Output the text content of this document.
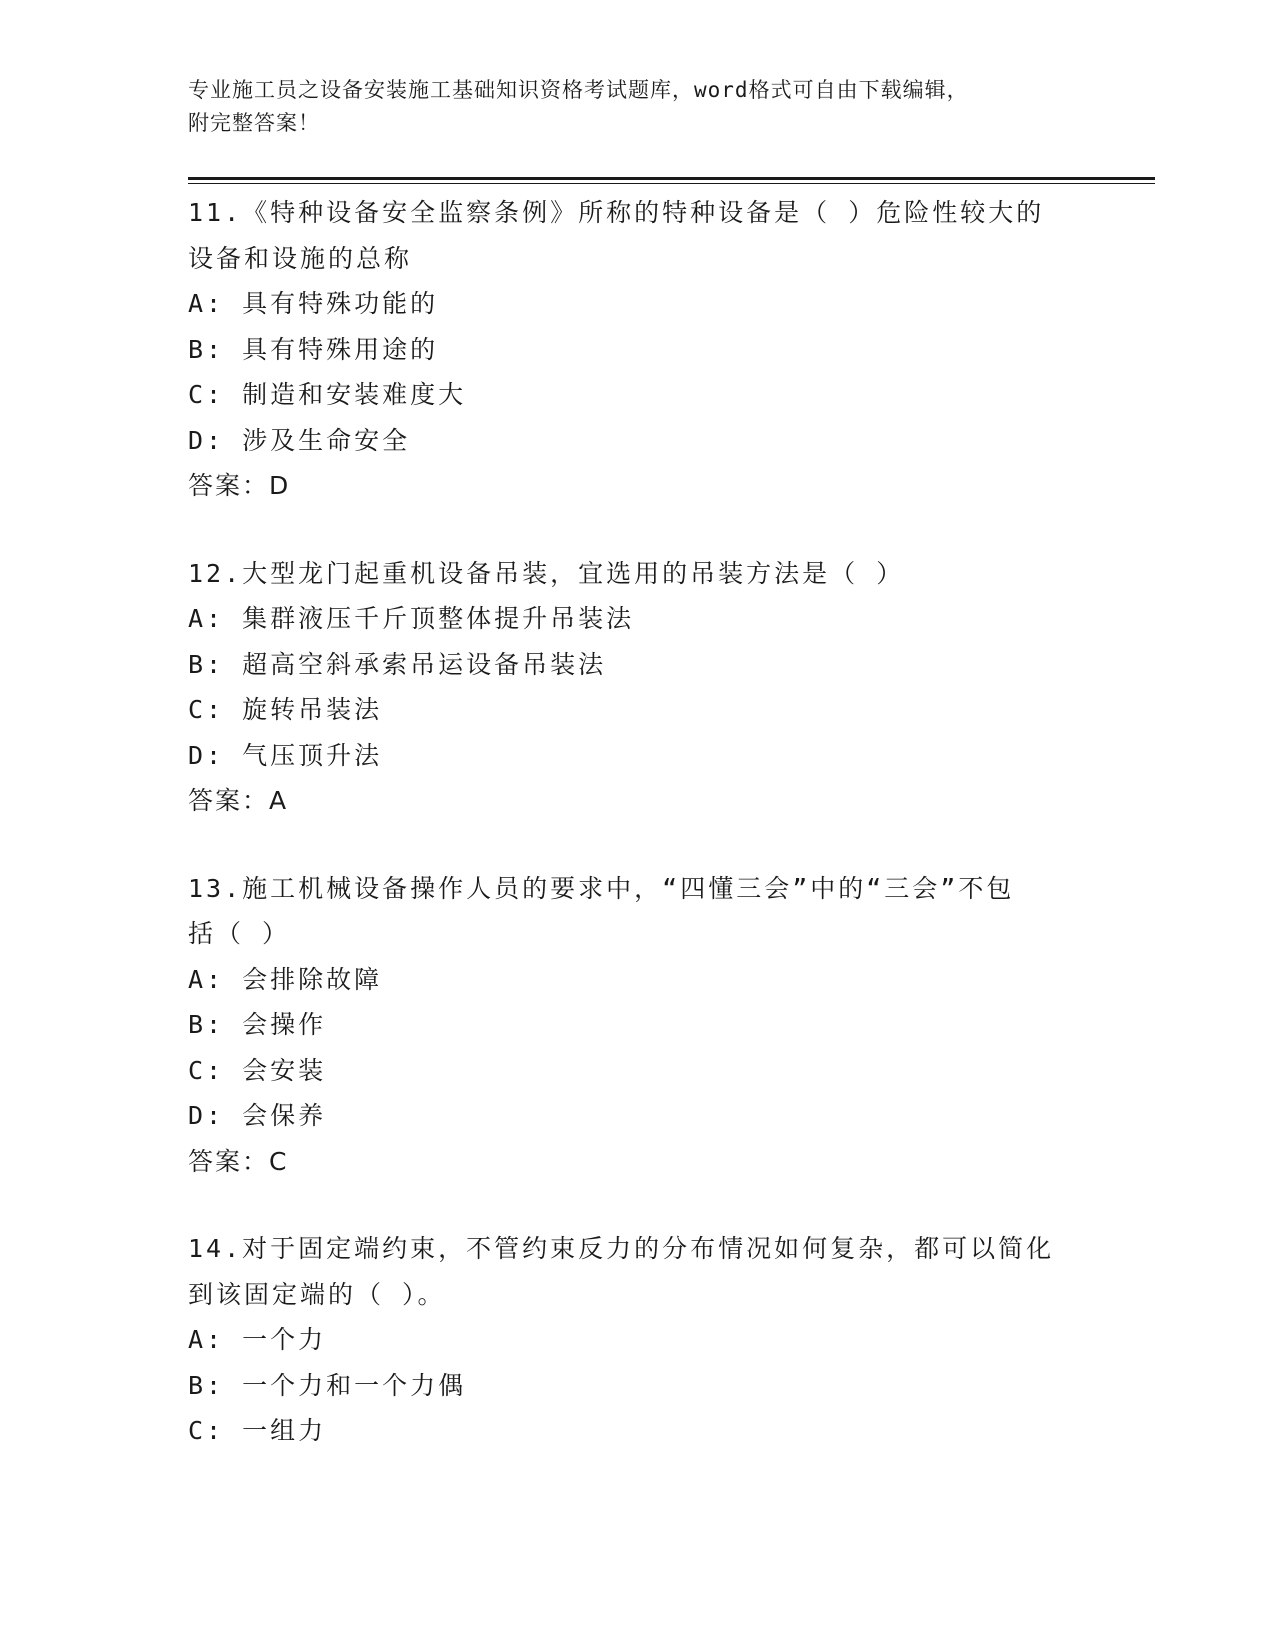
专业施工员之设备安装施工基础知识资格考试题库，word格式可自由下载编辑，
附完整答案！
11.《特种设备安全监察条例》所称的特种设备是（ ）危险性较大的
设备和设施的总称
A: 具有特殊功能的
B: 具有特殊用途的
C: 制造和安装难度大
D: 涉及生命安全
答案：D
12.大型龙门起重机设备吊装，宜选用的吊装方法是（ ）
A: 集群液压千斤顶整体提升吊装法
B: 超高空斜承索吊运设备吊装法
C: 旋转吊装法
D: 气压顶升法
答案：A
13.施工机械设备操作人员的要求中，“四懂三会”中的“三会”不包
括（ ）
A: 会排除故障
B: 会操作
C: 会安装
D: 会保养
答案：C
14.对于固定端约束，不管约束反力的分布情况如何复杂，都可以简化
到该固定端的（ ）。
A: 一个力
B: 一个力和一个力偶
C: 一组力
